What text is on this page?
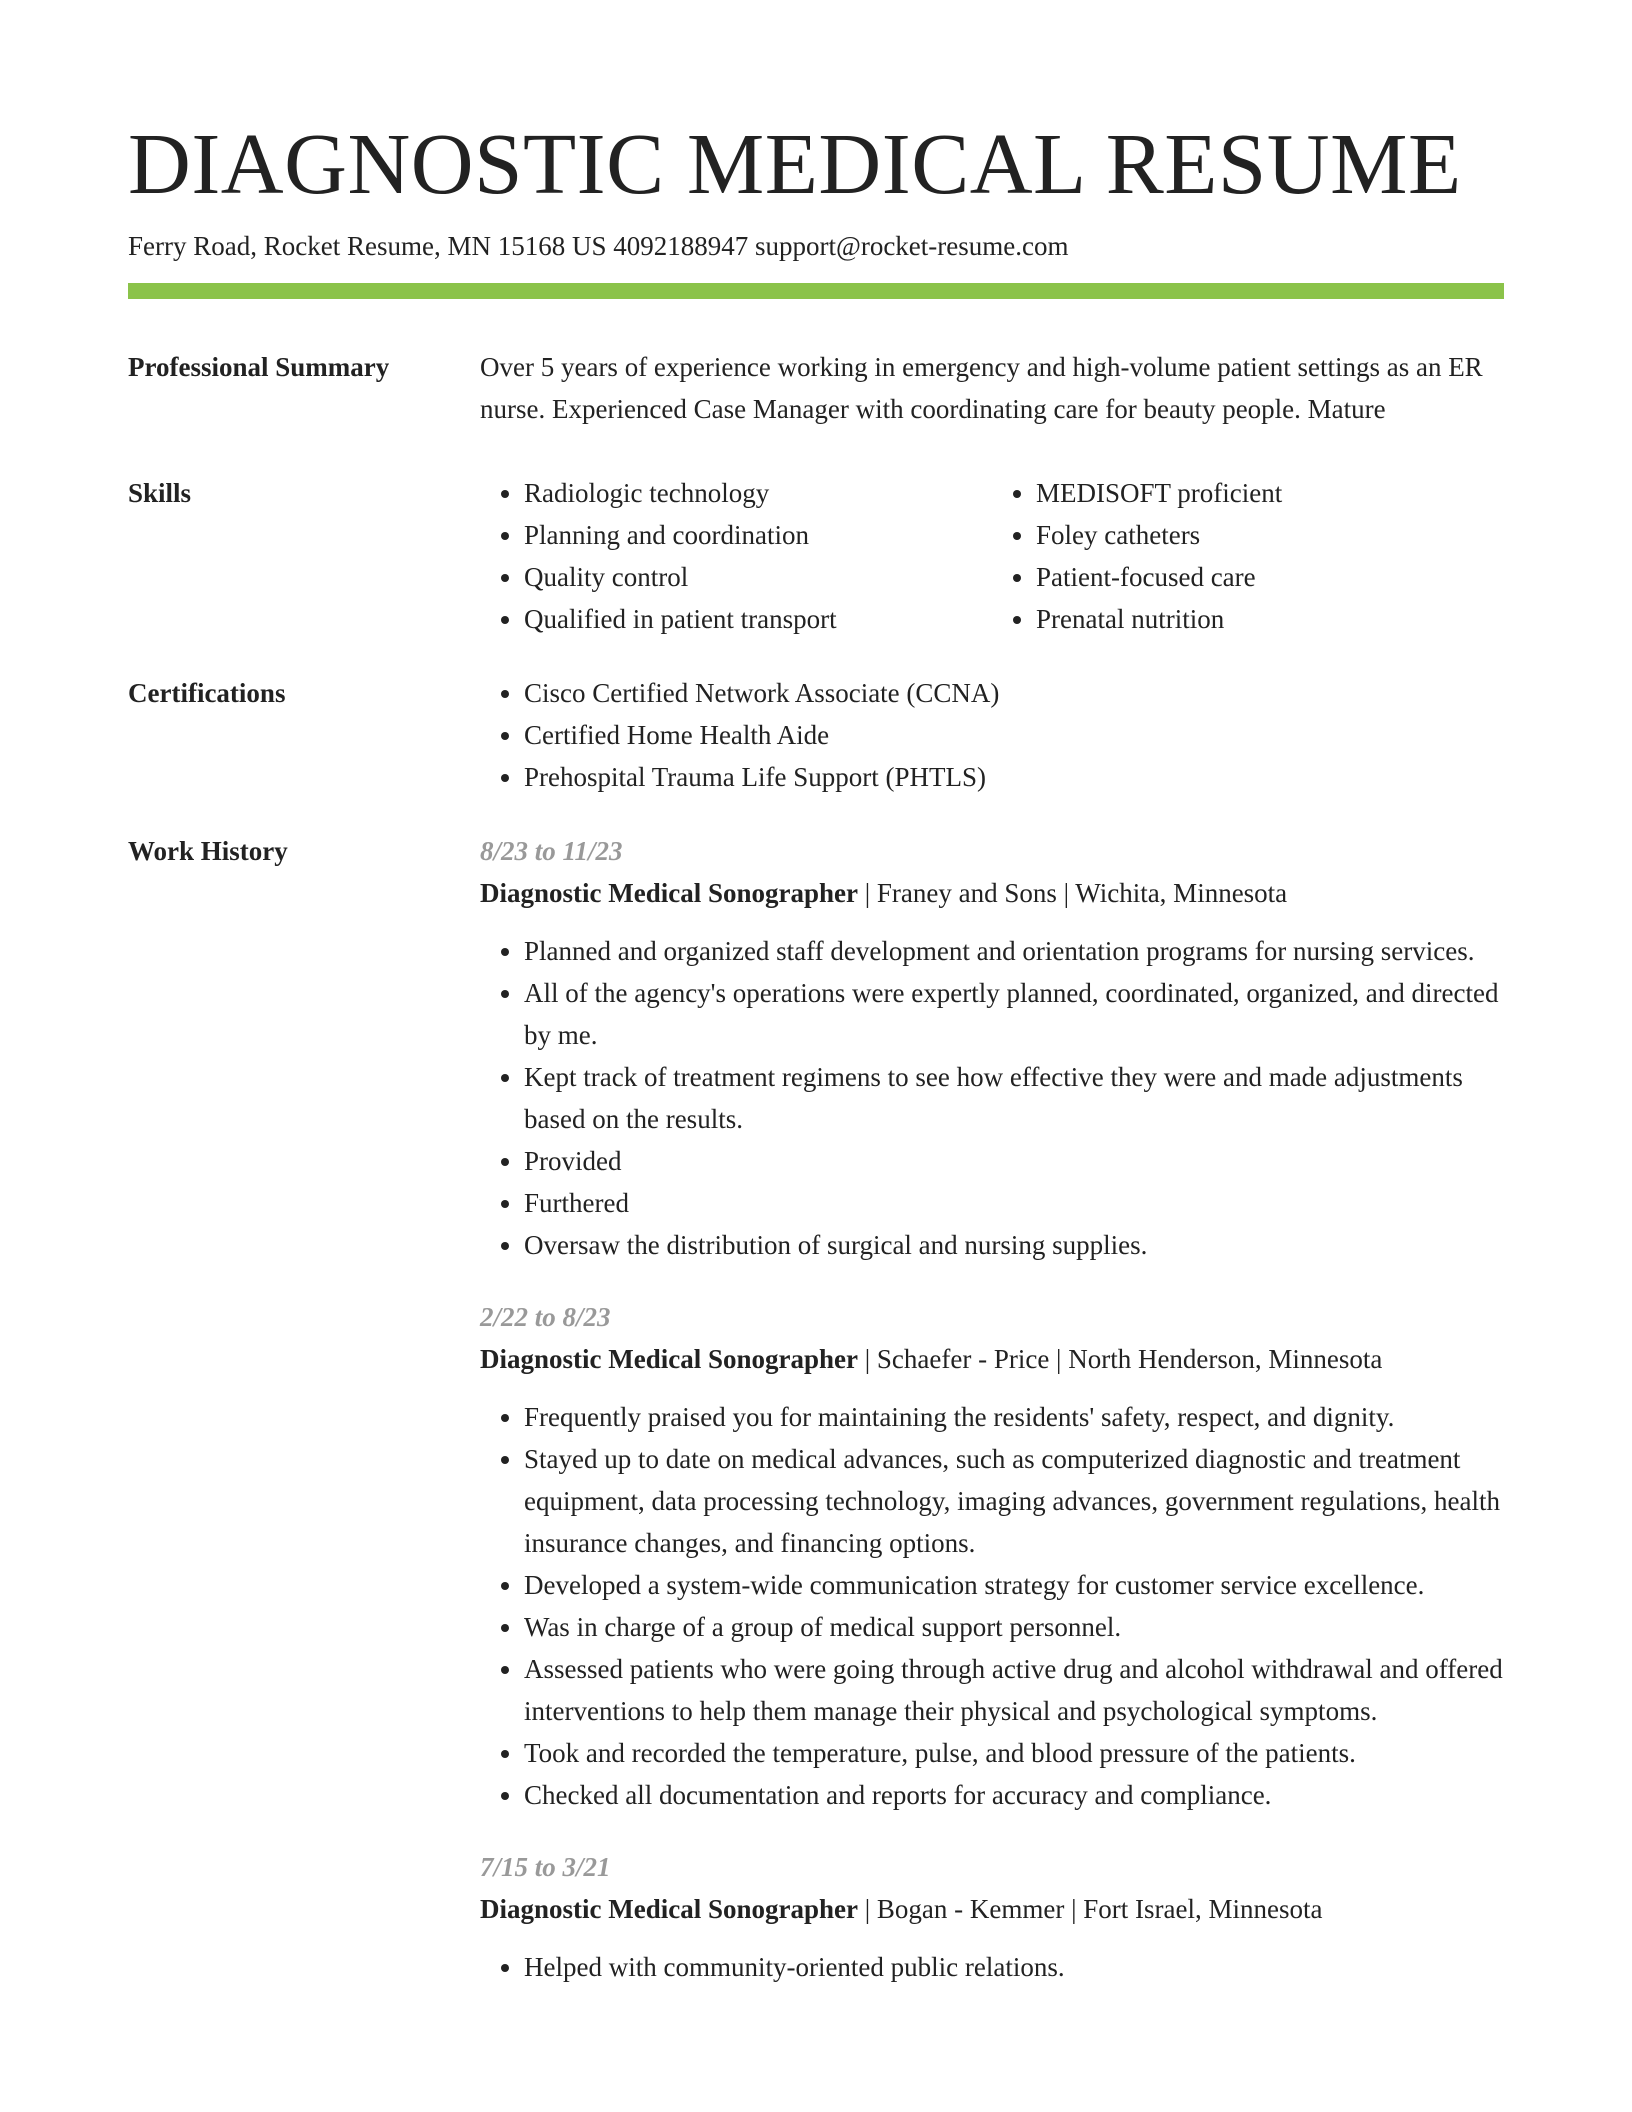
DIAGNOSTIC MEDICAL RESUME
Ferry Road, Rocket Resume, MN 15168 US 4092188947 support@rocket-resume.com
Professional Summary	Over 5 years of experience working in emergency and high-volume patient settings as an ER nurse. Experienced Case Manager with coordinating care for beauty people. Mature

Skills	• Radiologic technology
• Planning and coordination
• Quality control
• Qualified in patient transport
• MEDISOFT proficient
• Foley catheters
• Patient-focused care
• Prenatal nutrition
Certifications	• Cisco Certified Network Associate (CCNA)
• Certified Home Health Aide
• Prehospital Trauma Life Support (PHTLS)
Work History	8/23 to 11/23
Diagnostic Medical Sonographer | Franey and Sons | Wichita, Minnesota
• Planned and organized staff development and orientation programs for nursing services.
• All of the agency's operations were expertly planned, coordinated, organized, and directed by me.
• Kept track of treatment regimens to see how effective they were and made adjustments based on the results.
• Provided
• Furthered
• Oversaw the distribution of surgical and nursing supplies.
2/22 to 8/23
Diagnostic Medical Sonographer | Schaefer - Price | North Henderson, Minnesota
• Frequently praised you for maintaining the residents' safety, respect, and dignity.
• Stayed up to date on medical advances, such as computerized diagnostic and treatment equipment, data processing technology, imaging advances, government regulations, health insurance changes, and financing options.
• Developed a system-wide communication strategy for customer service excellence.
• Was in charge of a group of medical support personnel.
• Assessed patients who were going through active drug and alcohol withdrawal and offered interventions to help them manage their physical and psychological symptoms.
• Took and recorded the temperature, pulse, and blood pressure of the patients.
• Checked all documentation and reports for accuracy and compliance.
7/15 to 3/21
Diagnostic Medical Sonographer | Bogan - Kemmer | Fort Israel, Minnesota
• Helped with community-oriented public relations.
